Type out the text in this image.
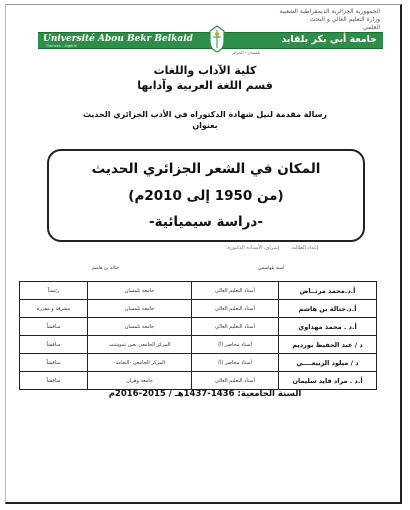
الجمهورية الجزائرية الديمقراطية الشعبية
وزارة التعليم العالي و البحث
العلمي
Université Abou Bekr Belkaid
Tlemcen - Algérie
جامعة أبي بكر بلقايد
تلمسان - الجزائر
كلية الآداب واللغات
قسم اللغة العربية وآدابها
رسالة مقدمة لنيل شهادة الدكتوراه في الأدب الجزائري الحديث
بعنوان
المكان في الشعر الجزائري الحديث
(من 1950 إلى 2010م)
-دراسة سيميائية-
إعداد الطالبة:
إشراف الأستاذة الدكتورة:
أمينة بلهاشمي
خثالة بن هاشم
أ.د.محمد مرتــاض	أستاذ التعليم العالي	جامعة تلمسان	رئيساً
أ.د.خثالة بن هاشم	أستاذ التعليم العالي	جامعة تلمسان	مشرفة و مقررة
أ.د . محمد مهداوي	أستاذ التعليم العالي	جامعة تلمسان	مناقشاً
د / عبد الحفيظ بورديم	أستاذ محاضر (أ)	المركز الجامعي بعين تموشنت	مناقشاً
د / ميلود الربيعــــي	أستاذ محاضر (أ)	المركز الجامعي -النعامة-	مناقشاً
أ.د . مراد قايد سليمان	أستاذ التعليم العالي	جامعة وهران	مناقشاً
السنة الجامعية: 1436-1437هـ / 2015-2016م
